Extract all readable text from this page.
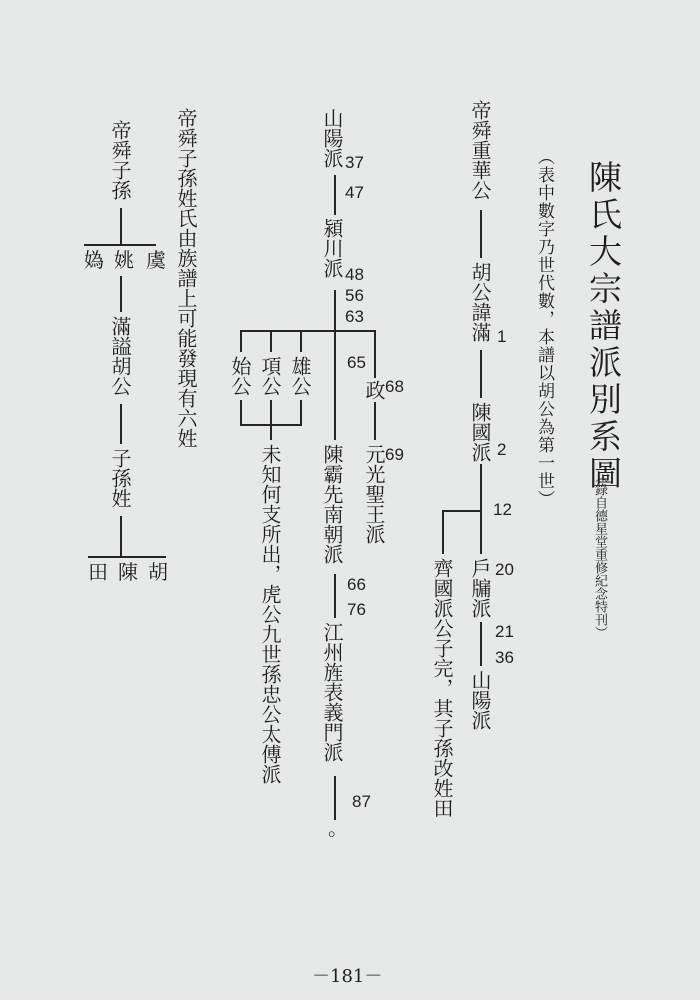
陳氏大宗譜派別系圖
（表中數字乃世代數，本譜以胡公為第一世）
（錄自德星堂重修紀念特刊）
帝舜重華公
胡公諱滿 1
陳國派 2
12
戶牖派 20
21
36
山陽派
齊國派公子完，其子孫改姓田
山陽派 37
47
潁川派 48
56
63
65
政 68
69
元光聖王派
陳霸先南朝派
66
76
江州旌表義門派
87
。
雄公
項公
始公
未知何支所出，虎公九世孫忠公太傅派
帝舜子孫姓氏由族譜上可能發現有六姓
帝舜子孫
媯 姚 虞
滿謚胡公
子孫姓
田 陳 胡
－181－
